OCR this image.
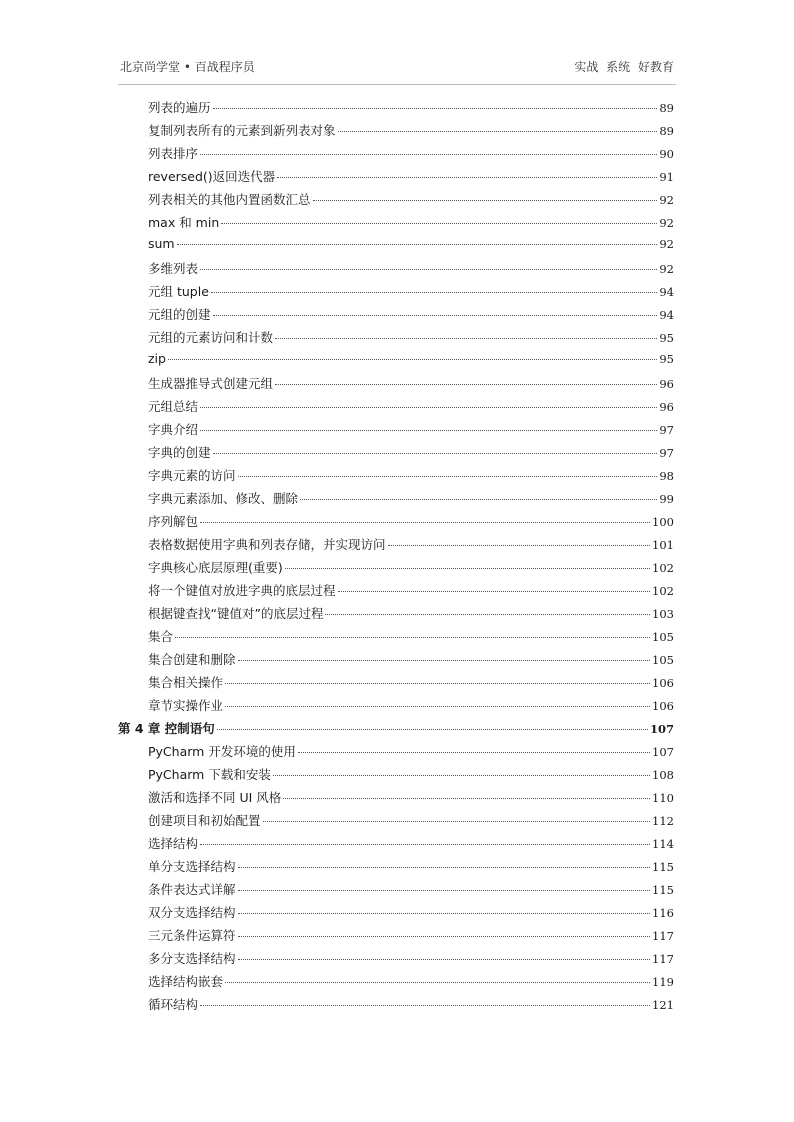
北京尚学堂 • 百战程序员	实战 系统 好教育
列表的遍历	89
复制列表所有的元素到新列表对象	89
列表排序	90
reversed()返回迭代器	91
列表相关的其他内置函数汇总	92
max 和 min	92
sum	92
多维列表	92
元组 tuple	94
元组的创建	94
元组的元素访问和计数	95
zip	95
生成器推导式创建元组	96
元组总结	96
字典介绍	97
字典的创建	97
字典元素的访问	98
字典元素添加、修改、删除	99
序列解包	100
表格数据使用字典和列表存储，并实现访问	101
字典核心底层原理(重要)	102
将一个键值对放进字典的底层过程	102
根据键查找“键值对”的底层过程	103
集合	105
集合创建和删除	105
集合相关操作	106
章节实操作业	106
第 4 章 控制语句	107
PyCharm 开发环境的使用	107
PyCharm 下载和安装	108
激活和选择不同 UI 风格	110
创建项目和初始配置	112
选择结构	114
单分支选择结构	115
条件表达式详解	115
双分支选择结构	116
三元条件运算符	117
多分支选择结构	117
选择结构嵌套	119
循环结构	121
